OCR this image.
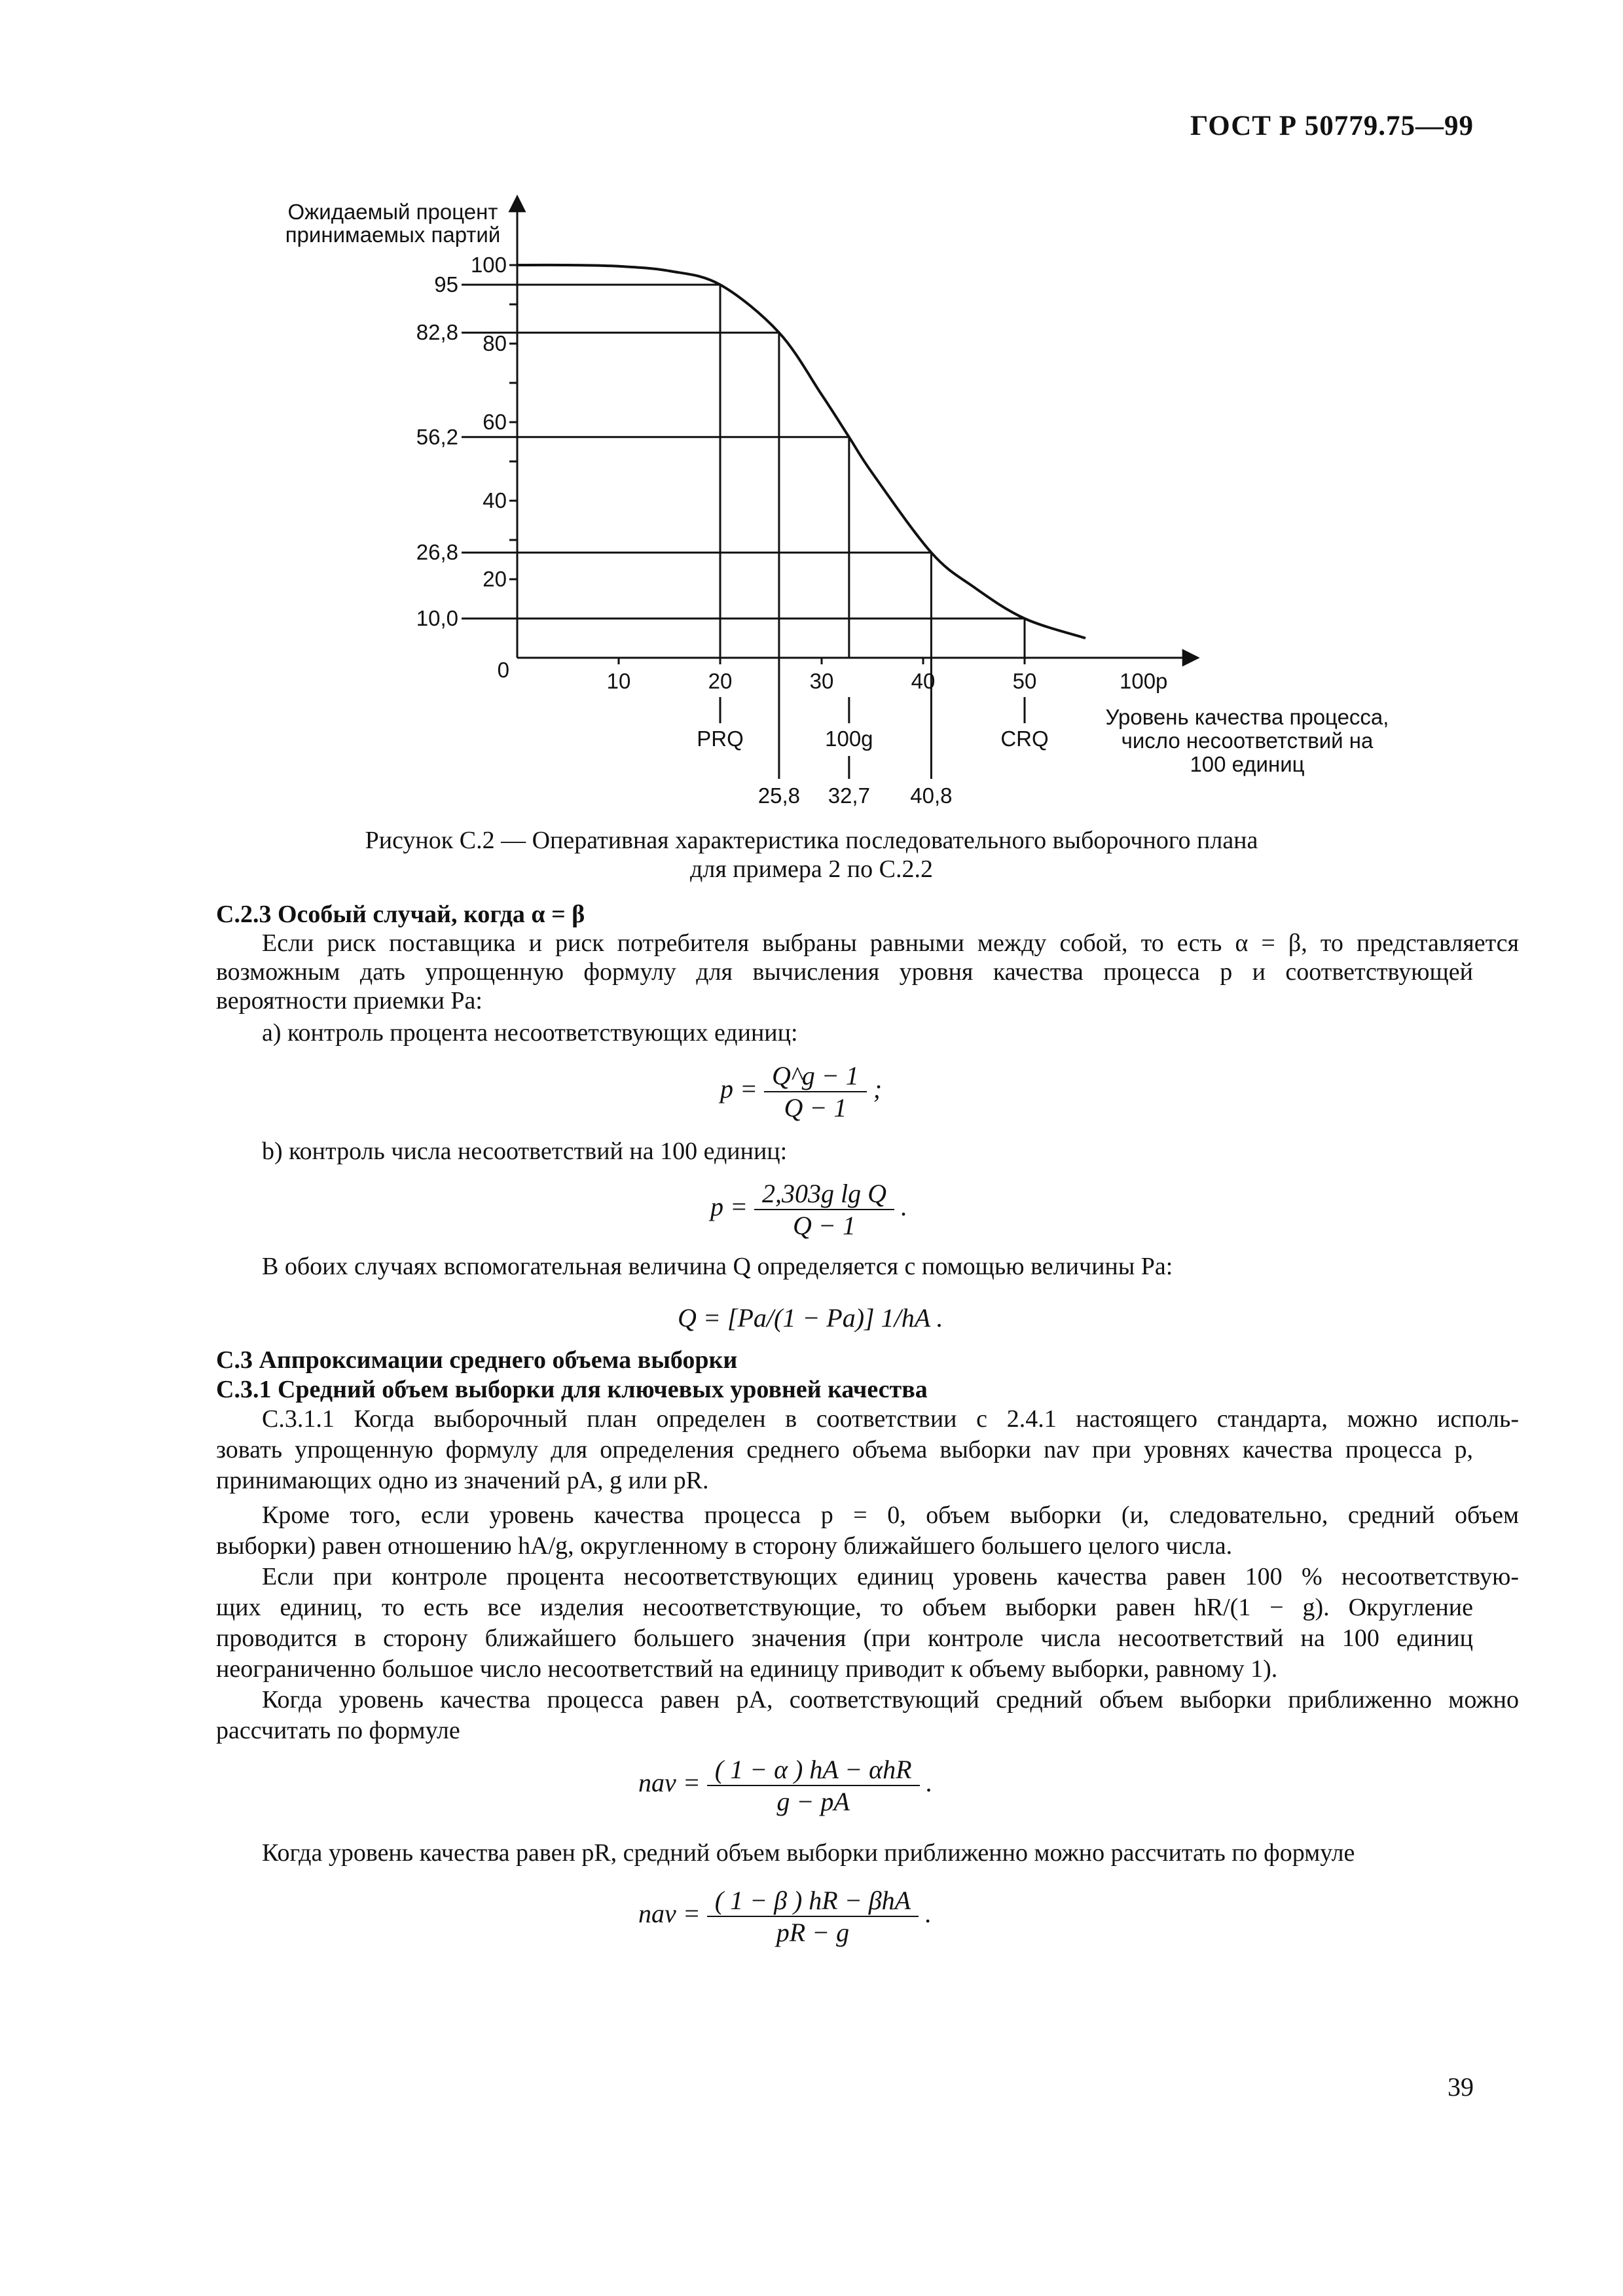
ГОСТ Р 50779.75—99
Ожидаемый процент
принимаемых партий
0
95
82,8
56,2
26,8
10,0
PRQ	100g	CRQ
25,8 32,7 40,8
100
80
60
40
20
10	20	30	40	50	100p
Уровень качества процесса,
число несоответствий на
100 единиц
Рисунок С.2 — Оперативная характеристика последовательного выборочного плана
для примера 2 по С.2.2
С.2.3 Особый случай, когда α = β
Если риск поставщика и риск потребителя выбраны равными между собой, то есть α = β, то представляется
возможным дать упрощенную формулу для вычисления уровня качества процесса p и соответствующей
вероятности приемки Pa:
a) контроль процента несоответствующих единиц:
$p = \frac{Q\^{}g - 1}{Q - 1}$ ;
b) контроль числа несоответствий на 100 единиц:
$p = \frac{\text{2,303g lg Q}}{Q - 1}$ .
В обоих случаях вспомогательная величина Q определяется с помощью величины Pa:
Q = [Pa/(1 − Pa)] 1/hA .
С.3 Аппроксимации среднего объема выборки
С.3.1 Средний объем выборки для ключевых уровней качества
С.3.1.1 Когда выборочный план определен в соответствии с 2.4.1 настоящего стандарта, можно исполь-
зовать упрощенную формулу для определения среднего объема выборки nav при уровнях качества процесса p,
принимающих одно из значений pA, g или pR.
Кроме того, если уровень качества процесса p = 0, объем выборки (и, следовательно, средний объем
выборки) равен отношению hA/g, округленному в сторону ближайшего большего целого числа.
Если при контроле процента несоответствующих единиц уровень качества равен 100 % несоответствую-
щих единиц, то есть все изделия несоответствующие, то объем выборки равен hR/(1 − g). Округление
проводится в сторону ближайшего большего значения (при контроле числа несоответствий на 100 единиц
неограниченно большое число несоответствий на единицу приводит к объему выборки, равному 1).
Когда уровень качества процесса равен pA, соответствующий средний объем выборки приближенно можно
рассчитать по формуле
nav = $\frac{\text{( 1 − α ) hA − αhR}}{g - pA}$ .
Когда уровень качества равен pR, средний объем выборки приближенно можно рассчитать по формуле
nav = $\frac{\text{( 1 − β ) hR − βhA}}{pR - g}$ .
39
